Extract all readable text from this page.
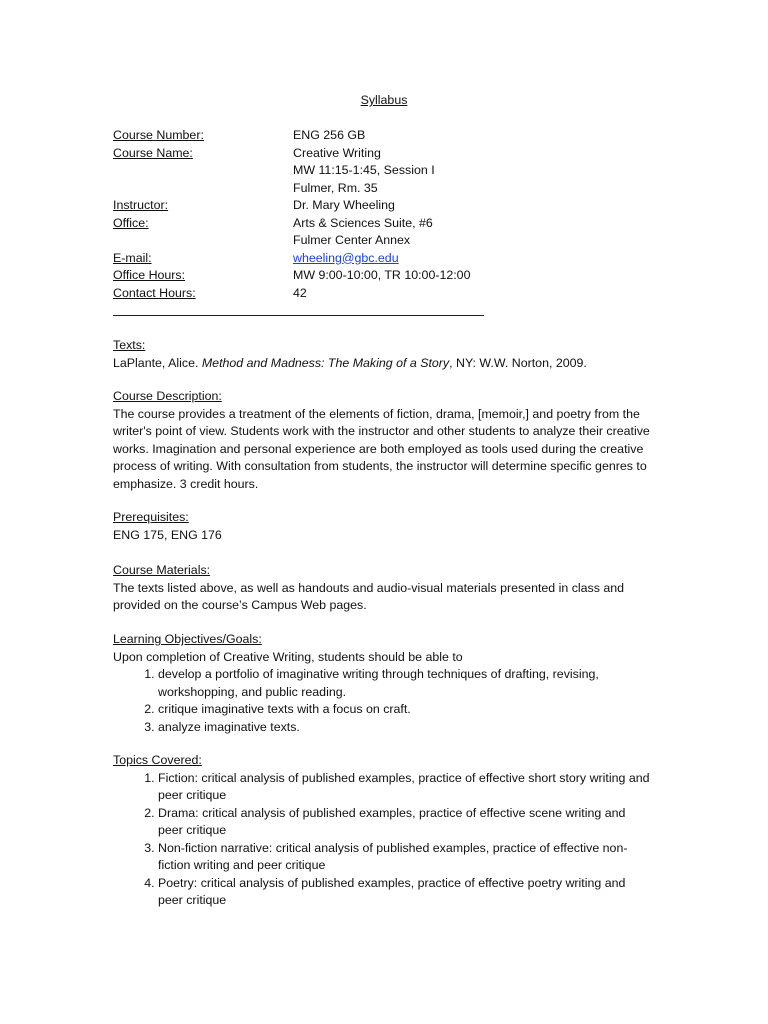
Syllabus
Course Number:	ENG 256 GB
Course Name:	Creative Writing
MW 11:15-1:45, Session I
Fulmer, Rm. 35
Instructor:	Dr. Mary Wheeling
Office:	Arts & Sciences Suite, #6
Fulmer Center Annex
E-mail:	wheeling@gbc.edu
Office Hours:	MW 9:00-10:00, TR 10:00-12:00
Contact Hours:	42
Texts:
LaPlante, Alice. Method and Madness: The Making of a Story, NY: W.W. Norton, 2009.
Course Description:
The course provides a treatment of the elements of fiction, drama, [memoir,] and poetry from the writer's point of view. Students work with the instructor and other students to analyze their creative works. Imagination and personal experience are both employed as tools used during the creative process of writing. With consultation from students, the instructor will determine specific genres to emphasize. 3 credit hours.
Prerequisites:
ENG 175, ENG 176
Course Materials:
The texts listed above, as well as handouts and audio-visual materials presented in class and provided on the course’s Campus Web pages.
Learning Objectives/Goals:
Upon completion of Creative Writing, students should be able to
1. develop a portfolio of imaginative writing through techniques of drafting, revising, workshopping, and public reading.
2. critique imaginative texts with a focus on craft.
3. analyze imaginative texts.
Topics Covered:
1. Fiction: critical analysis of published examples, practice of effective short story writing and peer critique
2. Drama: critical analysis of published examples, practice of effective scene writing and peer critique
3. Non-fiction narrative: critical analysis of published examples, practice of effective non-fiction writing and peer critique
4. Poetry: critical analysis of published examples, practice of effective poetry writing and peer critique
